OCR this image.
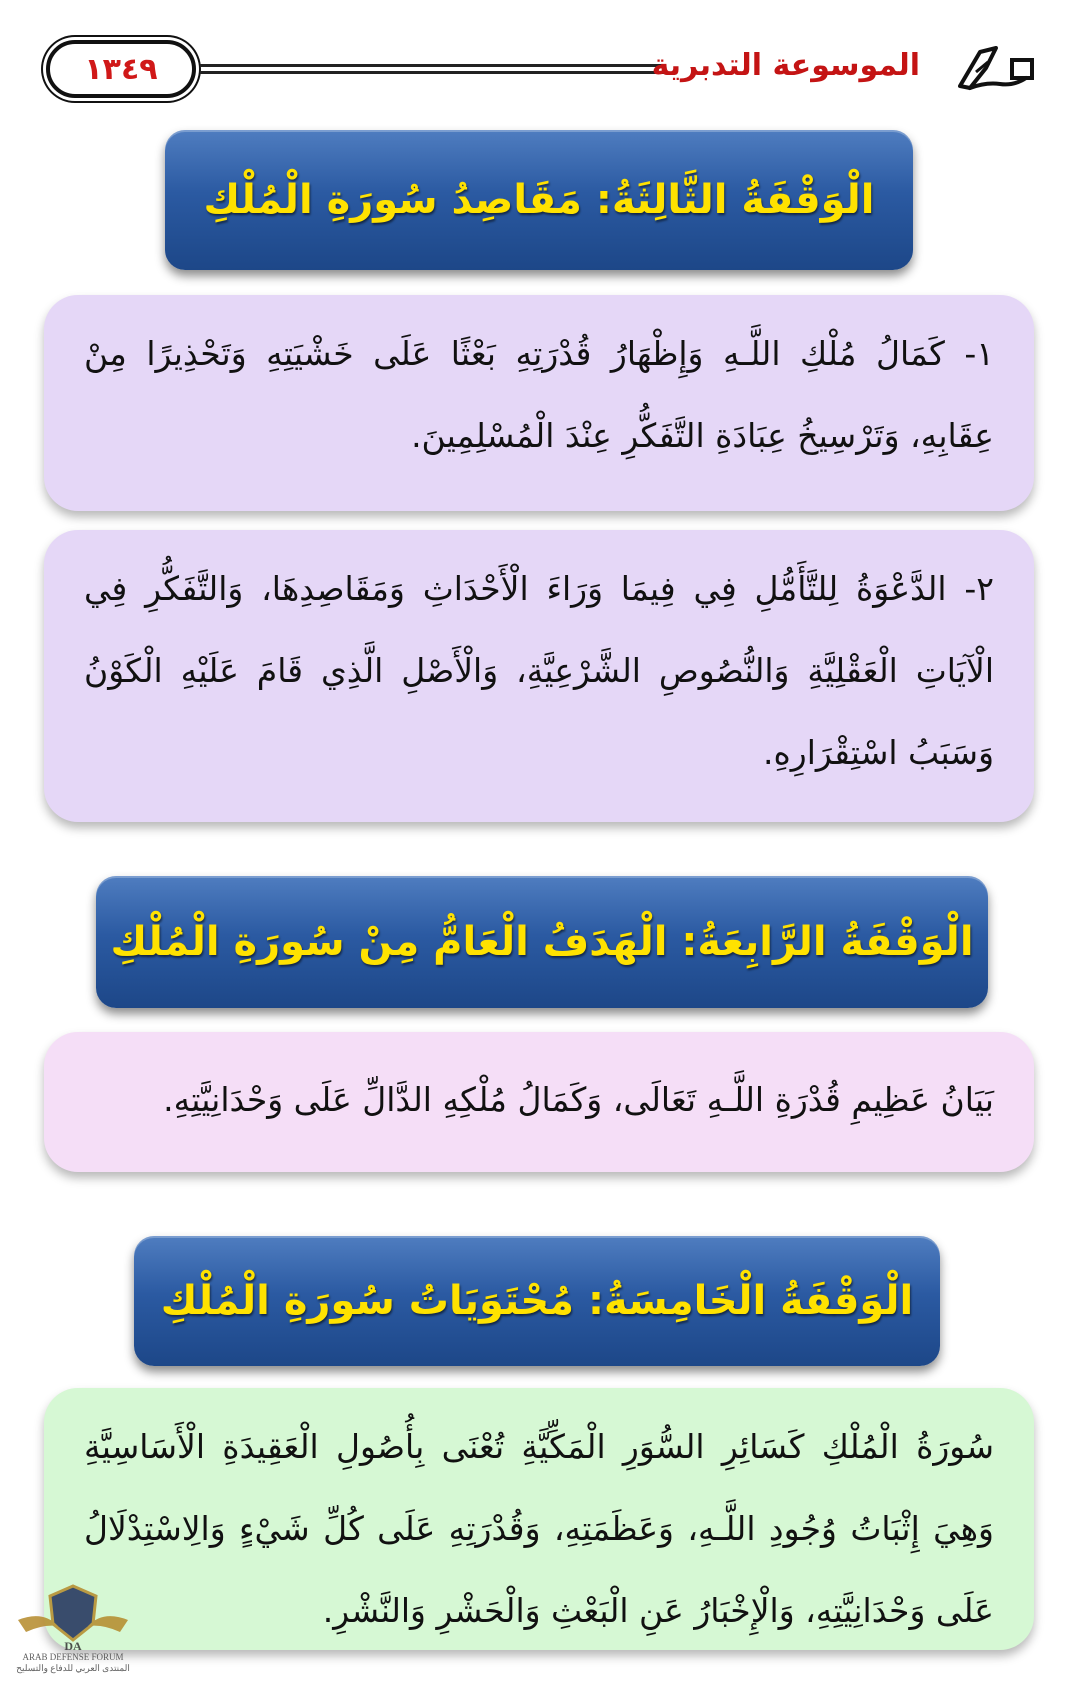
١٣٤٩	الموسوعة التدبرية
الْوَقْفَةُ الثَّالِثَةُ: مَقَاصِدُ سُورَةِ الْمُلْكِ
١- كَمَالُ مُلْكِ اللَّـهِ وَإِظْهَارُ قُدْرَتِهِ بَعْثًا عَلَى خَشْيَتِهِ وَتَحْذِيرًا مِنْ عِقَابِهِ، وَتَرْسِيخُ عِبَادَةِ التَّفَكُّرِ عِنْدَ الْمُسْلِمِينَ.
٢- الدَّعْوَةُ لِلتَّأَمُّلِ فِي فِيمَا وَرَاءَ الْأَحْدَاثِ وَمَقَاصِدِهَا، وَالتَّفَكُّرِ فِي الْآيَاتِ الْعَقْلِيَّةِ وَالنُّصُوصِ الشَّرْعِيَّةِ، وَالْأَصْلِ الَّذِي قَامَ عَلَيْهِ الْكَوْنُ وَسَبَبُ اسْتِقْرَارِهِ.
الْوَقْفَةُ الرَّابِعَةُ: الْهَدَفُ الْعَامُّ مِنْ سُورَةِ الْمُلْكِ
بَيَانُ عَظِيمِ قُدْرَةِ اللَّـهِ تَعَالَى، وَكَمَالُ مُلْكِهِ الدَّالِّ عَلَى وَحْدَانِيَّتِهِ.
الْوَقْفَةُ الْخَامِسَةُ: مُحْتَوَيَاتُ سُورَةِ الْمُلْكِ
سُورَةُ الْمُلْكِ كَسَائِرِ السُّوَرِ الْمَكِّيَّةِ تُعْنَى بِأُصُولِ الْعَقِيدَةِ الْأَسَاسِيَّةِ وَهِيَ إِثْبَاتُ وُجُودِ اللَّـهِ، وَعَظَمَتِهِ، وَقُدْرَتِهِ عَلَى كُلِّ شَيْءٍ وَالِاسْتِدْلَالُ عَلَى وَحْدَانِيَّتِهِ، وَالْإِخْبَارُ عَنِ الْبَعْثِ وَالْحَشْرِ وَالنَّشْرِ.
DA
ARAB DEFENSE FORUM
المنتدى العربي للدفاع والتسليح
